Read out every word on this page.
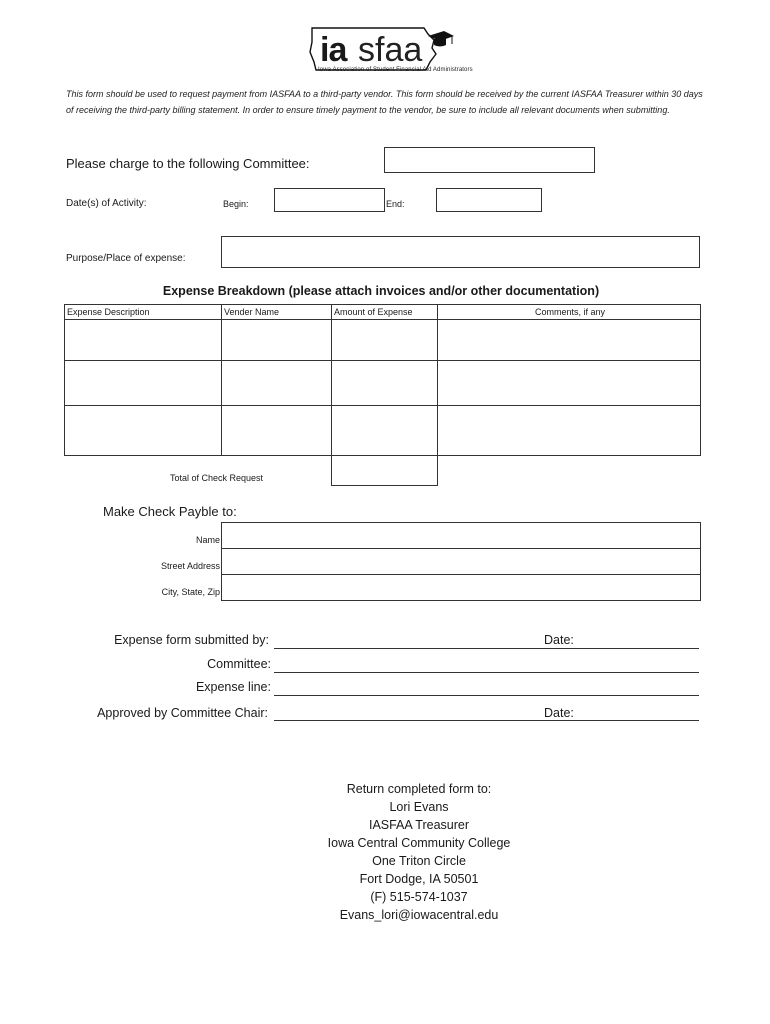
ia sfaa
Iowa Association of Student Financial Aid Administrators
This form should be used to request payment from IASFAA to a third-party vendor. This form should be received by the current IASFAA Treasurer within 30 days of receiving the third-party billing statement. In order to ensure timely payment to the vendor, be sure to include all relevant documents when submitting.
Please charge to the following Committee:
Date(s) of Activity:	Begin:	End:
Purpose/Place of expense:
Expense Breakdown (please attach invoices and/or other documentation)
Expense Description	Vender Name	Amount of Expense	Comments, if any

Total of Check Request
Make Check Payble to:
Name
Street Address
City, State, Zip
Expense form submitted by:	Date:
Committee:
Expense line:
Approved by Committee Chair:	Date:
Return completed form to:
Lori Evans
IASFAA Treasurer
Iowa Central Community College
One Triton Circle
Fort Dodge, IA 50501
(F) 515-574-1037
Evans_lori@iowacentral.edu
